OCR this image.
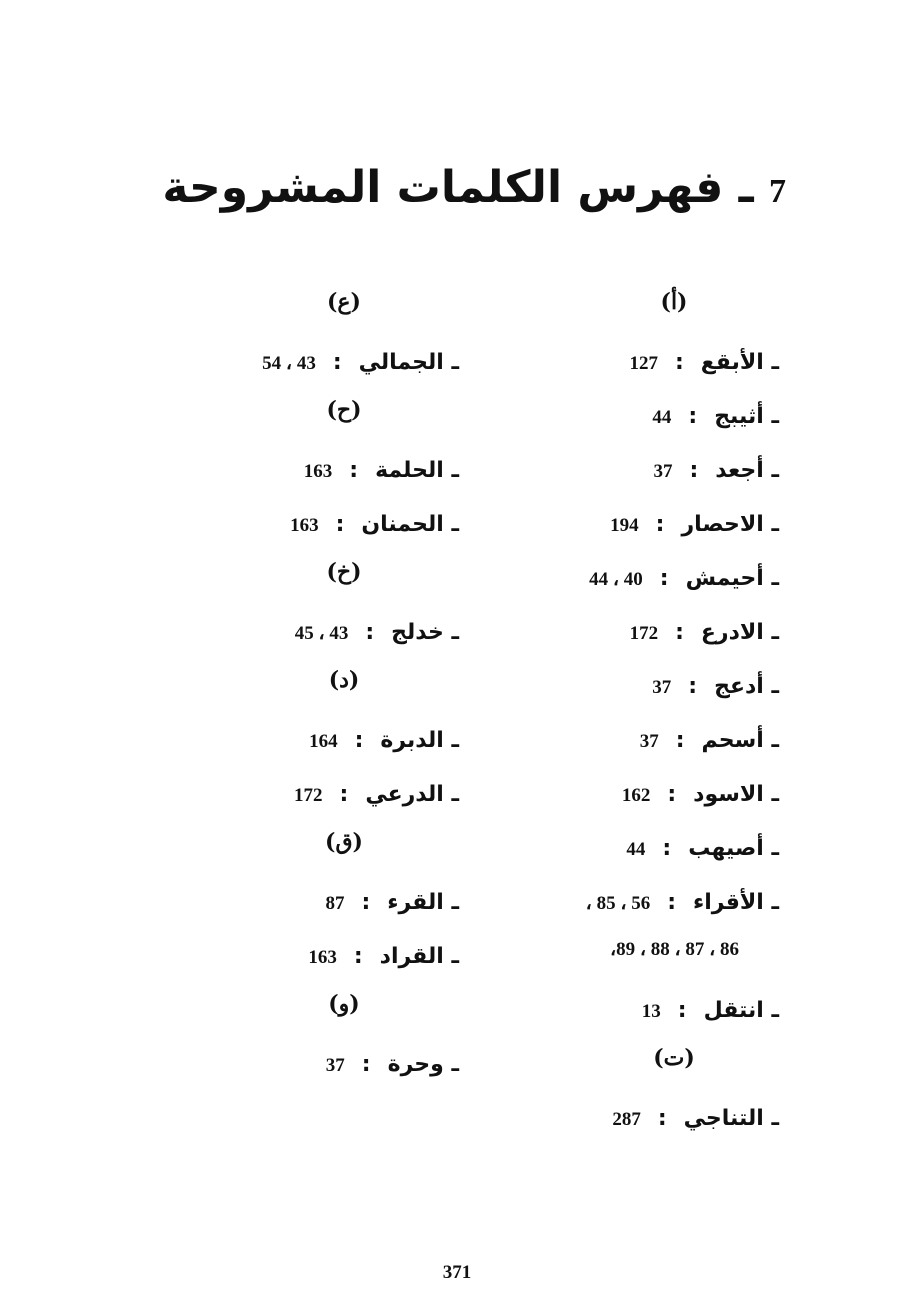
7 ـ فهرس الكلمات المشروحة
(أ)
ـ الأبقع : 127
ـ أثيبج : 44
ـ أجعد : 37
ـ الاحصار : 194
ـ أحيمش : 40 ، 44
ـ الادرع : 172
ـ أدعج : 37
ـ أسحم : 37
ـ الاسود : 162
ـ أصيهب : 44
ـ الأقراء : 56 ، 85 ،
86 ، 87 ، 88 ، 89،
ـ انتقل : 13
(ت)
ـ التناجي : 287
(ع)
ـ الجمالي : 43 ، 54
(ح)
ـ الحلمة : 163
ـ الحمنان : 163
(خ)
ـ خدلج : 43 ، 45
(د)
ـ الدبرة : 164
ـ الدرعي : 172
(ق)
ـ القرء : 87
ـ القراد : 163
(و)
ـ وحرة : 37
371
